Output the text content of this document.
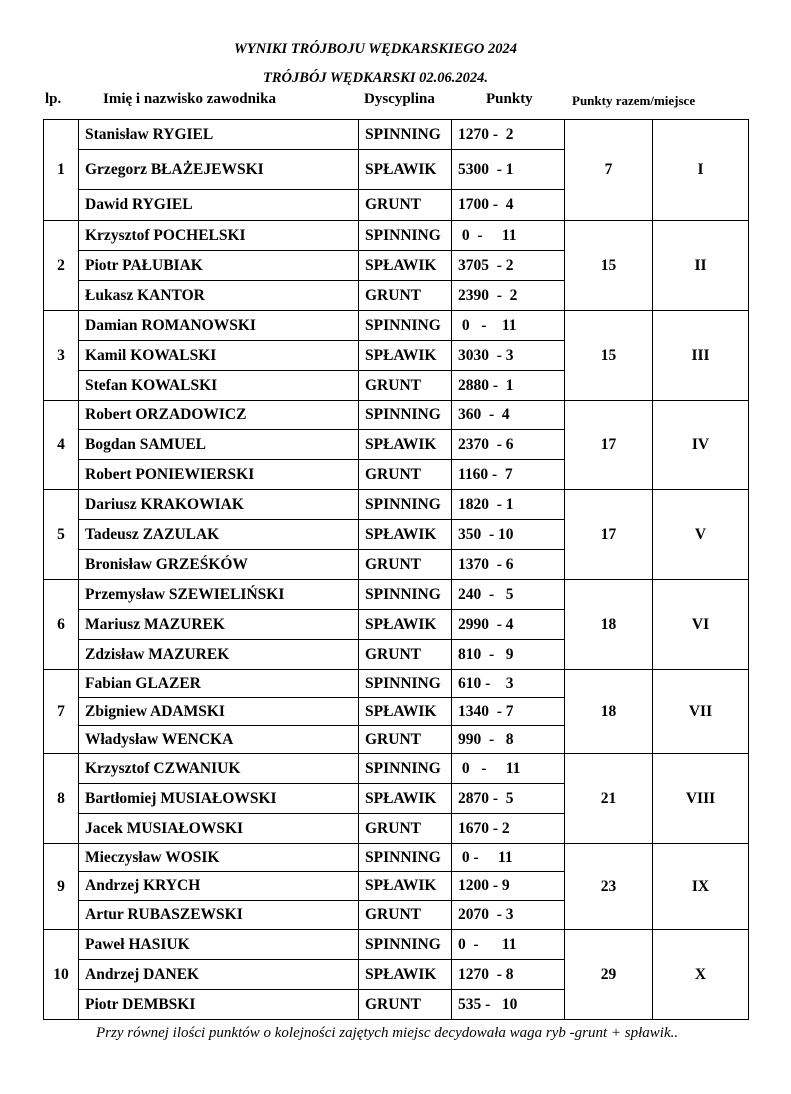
WYNIKI TRÓJBOJU WĘDKARSKIEGO 2024
TRÓJBÓJ WĘDKARSKI 02.06.2024.
lp.	Imię i nazwisko zawodnika	Dyscyplina	Punkty	Punkty razem/miejsce
1	Stanisław RYGIEL	SPINNING	1270 -  2	7	I
	Grzegorz BŁAŻEJEWSKI	SPŁAWIK	5300  - 1		
	Dawid RYGIEL	GRUNT	1700 -  4		
2	Krzysztof POCHELSKI	SPINNING	0  -     11	15	II
	Piotr PAŁUBIAK	SPŁAWIK	3705  - 2		
	Łukasz KANTOR	GRUNT	2390  -  2		
3	Damian ROMANOWSKI	SPINNING	0   -    11	15	III
	Kamil KOWALSKI	SPŁAWIK	3030  - 3		
	Stefan KOWALSKI	GRUNT	2880 -  1		
4	Robert ORZADOWICZ	SPINNING	360  -  4	17	IV
	Bogdan SAMUEL	SPŁAWIK	2370  - 6		
	Robert PONIEWIERSKI	GRUNT	1160 -  7		
5	Dariusz KRAKOWIAK	SPINNING	1820  - 1	17	V
	Tadeusz ZAZULAK	SPŁAWIK	350  - 10		
	Bronisław GRZEŚKÓW	GRUNT	1370  - 6		
6	Przemysław SZEWIELIŃSKI	SPINNING	240  -   5	18	VI
	Mariusz MAZUREK	SPŁAWIK	2990  - 4		
	Zdzisław MAZUREK	GRUNT	810  -   9		
7	Fabian GLAZER	SPINNING	610 -    3	18	VII
	Zbigniew ADAMSKI	SPŁAWIK	1340  - 7		
	Władysław WENCKA	GRUNT	990  -   8		
8	Krzysztof CZWANIUK	SPINNING	0   -     11	21	VIII
	Bartłomiej MUSIAŁOWSKI	SPŁAWIK	2870 -  5		
	Jacek MUSIAŁOWSKI	GRUNT	1670 - 2		
9	Mieczysław WOSIK	SPINNING	0 -     11	23	IX
	Andrzej KRYCH	SPŁAWIK	1200 - 9		
	Artur RUBASZEWSKI	GRUNT	2070  - 3		
10	Paweł HASIUK	SPINNING	0  -      11	29	X
	Andrzej DANEK	SPŁAWIK	1270  - 8		
	Piotr DEMBSKI	GRUNT	535 -   10		
Przy równej ilości punktów o kolejności zajętych miejsc decydowała waga ryb -grunt + spławik..
